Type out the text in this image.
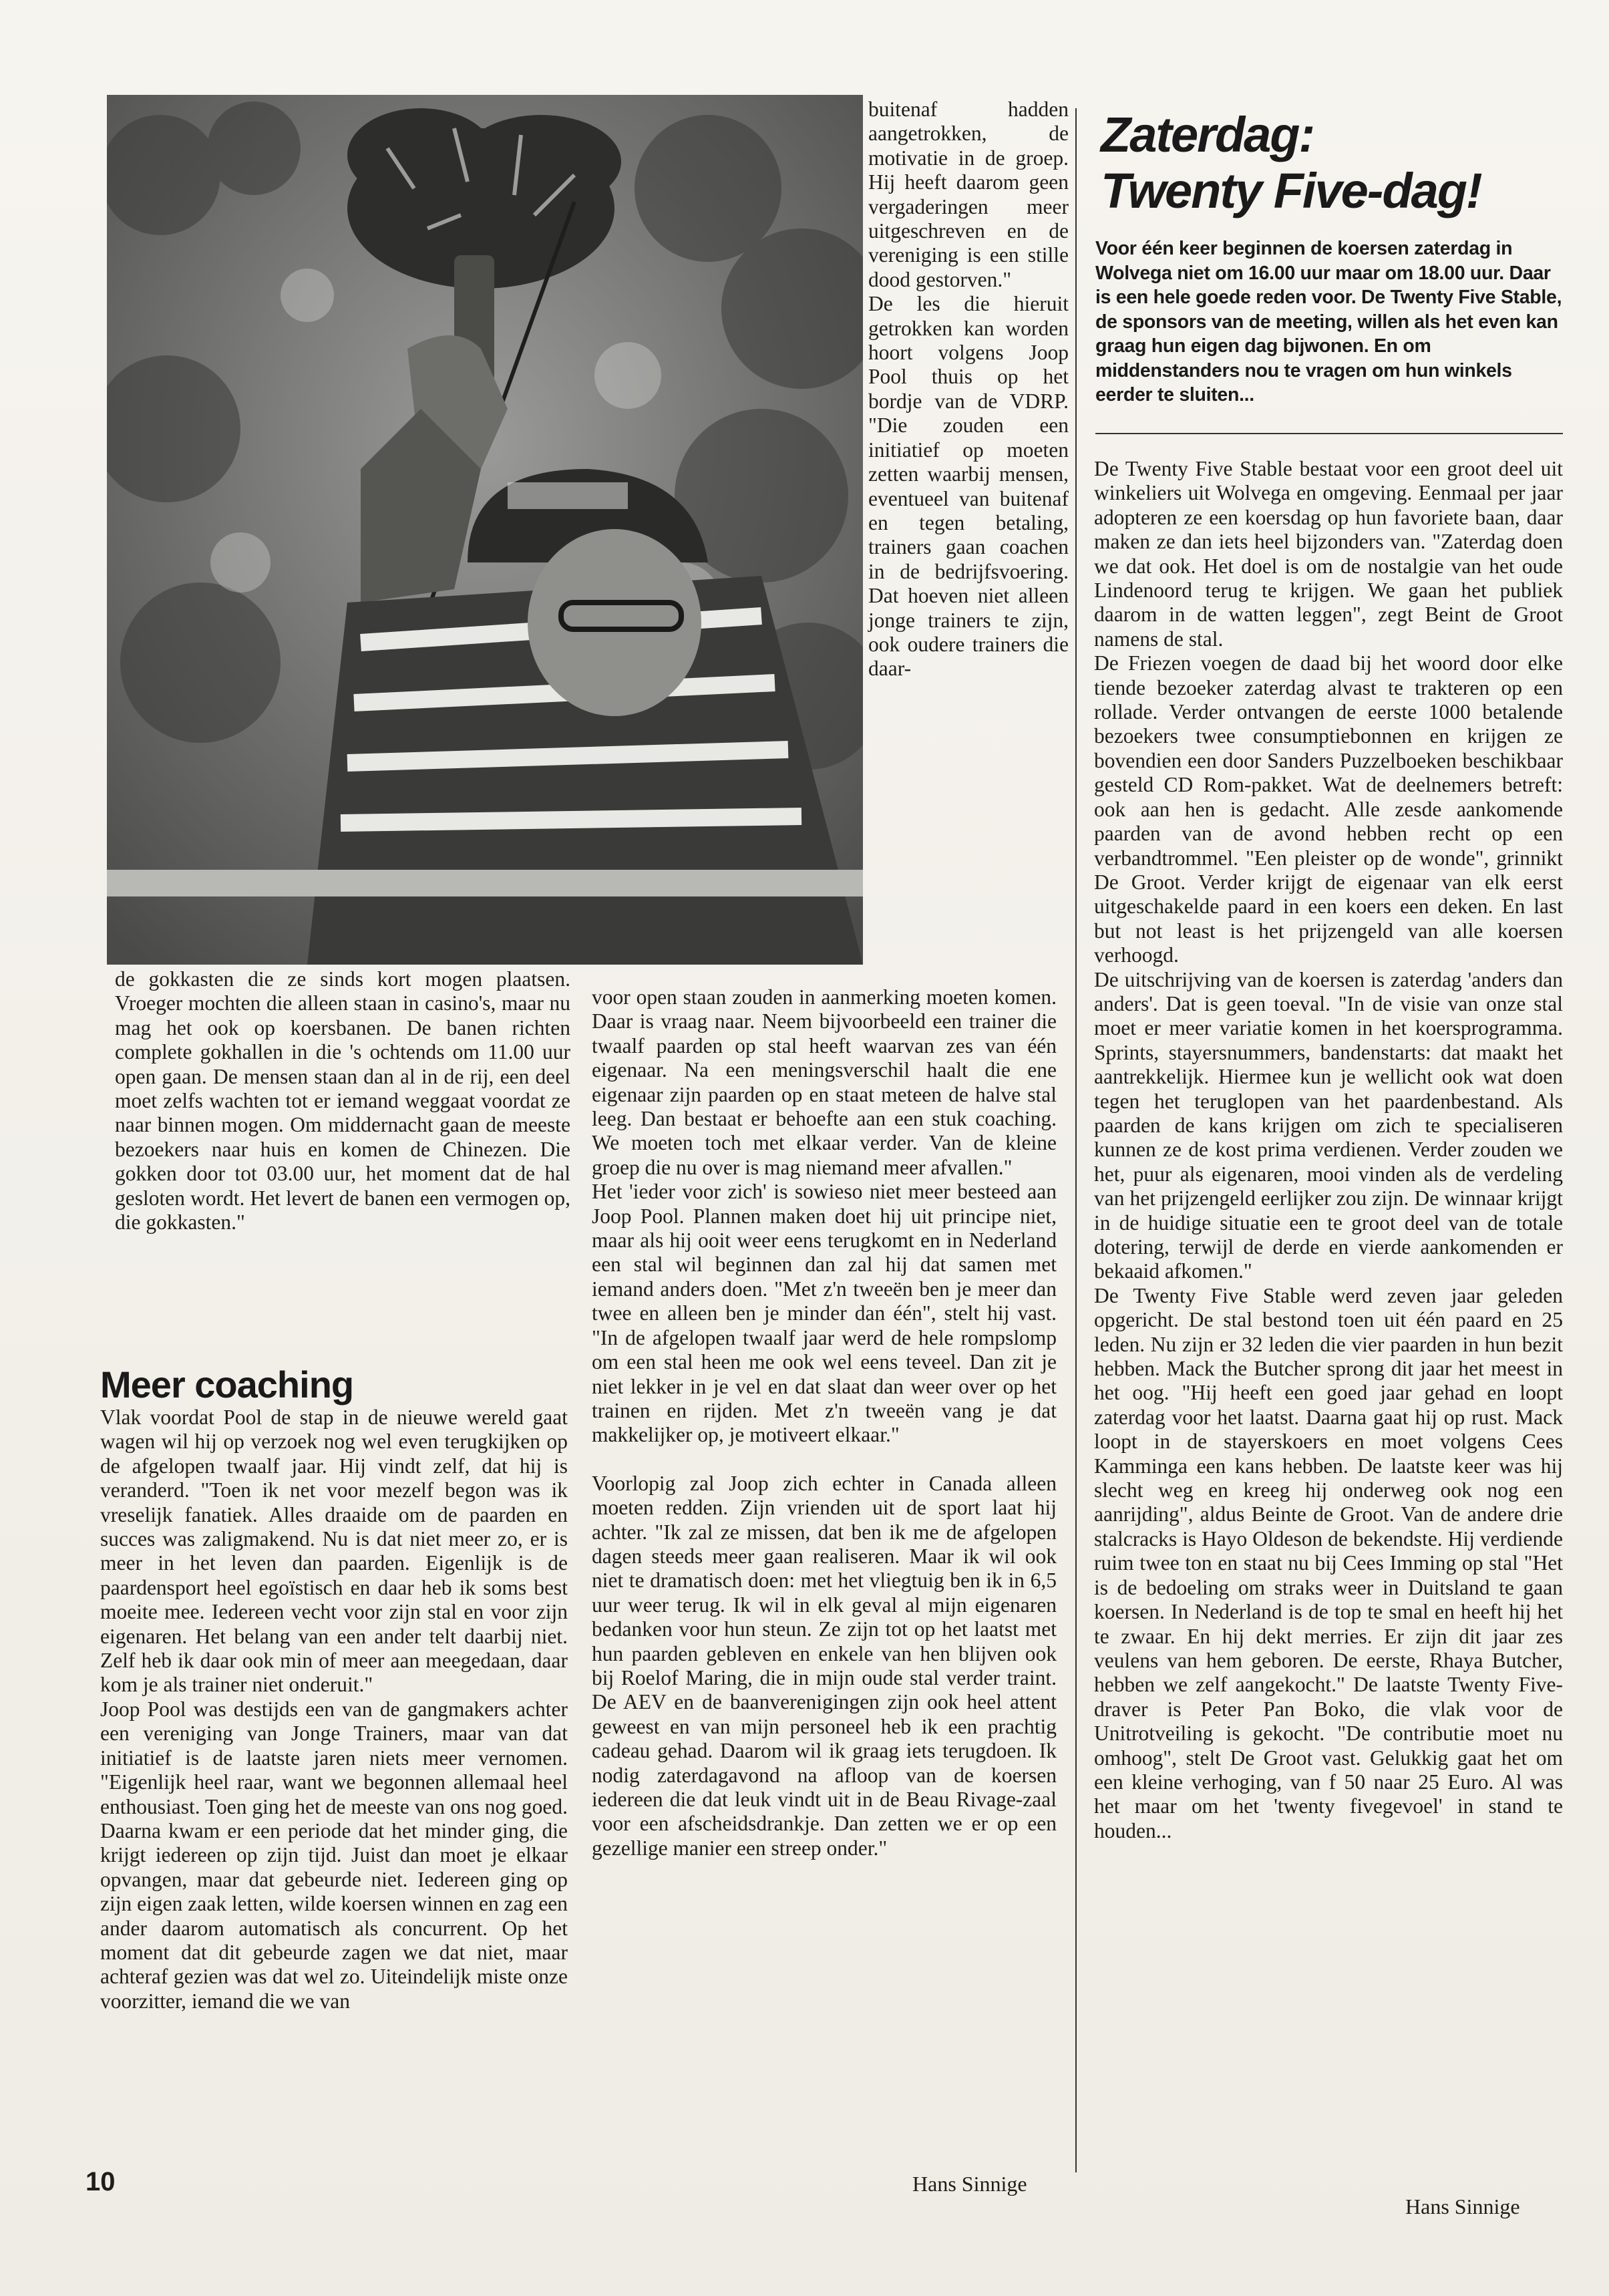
buitenaf hadden aangetrokken, de motivatie in de groep. Hij heeft daarom geen vergaderingen meer uitgeschreven en de vereniging is een stille dood gestorven."

De les die hieruit getrokken kan worden hoort volgens Joop Pool thuis op het bordje van de VDRP. "Die zouden een initiatief op moeten zetten waarbij mensen, eventueel van buitenaf en tegen betaling, trainers gaan coachen in de bedrijfsvoering. Dat hoeven niet alleen jonge trainers te zijn, ook oudere trainers die daar-

de gokkasten die ze sinds kort mogen plaatsen. Vroeger mochten die alleen staan in casino's, maar nu mag het ook op koersbanen. De banen richten complete gokhallen in die 's ochtends om 11.00 uur open gaan. De mensen staan dan al in de rij, een deel moet zelfs wachten tot er iemand weggaat voordat ze naar binnen mogen. Om middernacht gaan de meeste bezoekers naar huis en komen de Chinezen. Die gokken door tot 03.00 uur, het moment dat de hal gesloten wordt. Het levert de banen een vermogen op, die gokkasten."

Meer coaching

Vlak voordat Pool de stap in de nieuwe wereld gaat wagen wil hij op verzoek nog wel even terugkijken op de afgelopen twaalf jaar. Hij vindt zelf, dat hij is veranderd. "Toen ik net voor mezelf begon was ik vreselijk fanatiek. Alles draaide om de paarden en succes was zaligmakend. Nu is dat niet meer zo, er is meer in het leven dan paarden. Eigenlijk is de paardensport heel egoïstisch en daar heb ik soms best moeite mee. Iedereen vecht voor zijn stal en voor zijn eigenaren. Het belang van een ander telt daarbij niet. Zelf heb ik daar ook min of meer aan meegedaan, daar kom je als trainer niet onderuit."

Joop Pool was destijds een van de gangmakers achter een vereniging van Jonge Trainers, maar van dat initiatief is de laatste jaren niets meer vernomen. "Eigenlijk heel raar, want we begonnen allemaal heel enthousiast. Toen ging het de meeste van ons nog goed. Daarna kwam er een periode dat het minder ging, die krijgt iedereen op zijn tijd. Juist dan moet je elkaar opvangen, maar dat gebeurde niet. Iedereen ging op zijn eigen zaak letten, wilde koersen winnen en zag een ander daarom automatisch als concurrent. Op het moment dat dit gebeurde zagen we dat niet, maar achteraf gezien was dat wel zo. Uiteindelijk miste onze voorzitter, iemand die we van

voor open staan zouden in aanmerking moeten komen. Daar is vraag naar. Neem bijvoorbeeld een trainer die twaalf paarden op stal heeft waarvan zes van één eigenaar. Na een meningsverschil haalt die ene eigenaar zijn paarden op en staat meteen de halve stal leeg. Dan bestaat er behoefte aan een stuk coaching. We moeten toch met elkaar verder. Van de kleine groep die nu over is mag niemand meer afvallen."

Het 'ieder voor zich' is sowieso niet meer besteed aan Joop Pool. Plannen maken doet hij uit principe niet, maar als hij ooit weer eens terugkomt en in Nederland een stal wil beginnen dan zal hij dat samen met iemand anders doen. "Met z'n tweeën ben je meer dan twee en alleen ben je minder dan één", stelt hij vast. "In de afgelopen twaalf jaar werd de hele rompslomp om een stal heen me ook wel eens teveel. Dan zit je niet lekker in je vel en dat slaat dan weer over op het trainen en rijden. Met z'n tweeën vang je dat makkelijker op, je motiveert elkaar."

Voorlopig zal Joop zich echter in Canada alleen moeten redden. Zijn vrienden uit de sport laat hij achter. "Ik zal ze missen, dat ben ik me de afgelopen dagen steeds meer gaan realiseren. Maar ik wil ook niet te dramatisch doen: met het vliegtuig ben ik in 6,5 uur weer terug. Ik wil in elk geval al mijn eigenaren bedanken voor hun steun. Ze zijn tot op het laatst met hun paarden gebleven en enkele van hen blijven ook bij Roelof Maring, die in mijn oude stal verder traint. De AEV en de baanverenigingen zijn ook heel attent geweest en van mijn personeel heb ik een prachtig cadeau gehad. Daarom wil ik graag iets terugdoen. Ik nodig zaterdagavond na afloop van de koersen iedereen die dat leuk vindt uit in de Beau Rivage-zaal voor een afscheidsdrankje. Dan zetten we er op een gezellige manier een streep onder."

Hans Sinnige
Zaterdag:
Twenty Five-dag!
Voor één keer beginnen de koersen zaterdag in Wolvega niet om 16.00 uur maar om 18.00 uur. Daar is een hele goede reden voor. De Twenty Five Stable, de sponsors van de meeting, willen als het even kan graag hun eigen dag bijwonen. En om middenstanders nou te vragen om hun winkels eerder te sluiten...

De Twenty Five Stable bestaat voor een groot deel uit winkeliers uit Wolvega en omgeving. Eenmaal per jaar adopteren ze een koersdag op hun favoriete baan, daar maken ze dan iets heel bijzonders van. "Zaterdag doen we dat ook. Het doel is om de nostalgie van het oude Lindenoord terug te krijgen. We gaan het publiek daarom in de watten leggen", zegt Beint de Groot namens de stal.

De Friezen voegen de daad bij het woord door elke tiende bezoeker zaterdag alvast te trakteren op een rollade. Verder ontvangen de eerste 1000 betalende bezoekers twee consumptiebonnen en krijgen ze bovendien een door Sanders Puzzelboeken beschikbaar gesteld CD Rom-pakket. Wat de deelnemers betreft: ook aan hen is gedacht. Alle zesde aankomende paarden van de avond hebben recht op een verbandtrommel. "Een pleister op de wonde", grinnikt De Groot. Verder krijgt de eigenaar van elk eerst uitgeschakelde paard in een koers een deken. En last but not least is het prijzengeld van alle koersen verhoogd.

De uitschrijving van de koersen is zaterdag 'anders dan anders'. Dat is geen toeval. "In de visie van onze stal moet er meer variatie komen in het koersprogramma. Sprints, stayersnummers, bandenstarts: dat maakt het aantrekkelijk. Hiermee kun je wellicht ook wat doen tegen het teruglopen van het paardenbestand. Als paarden de kans krijgen om zich te specialiseren kunnen ze de kost prima verdienen. Verder zouden we het, puur als eigenaren, mooi vinden als de verdeling van het prijzengeld eerlijker zou zijn. De winnaar krijgt in de huidige situatie een te groot deel van de totale dotering, terwijl de derde en vierde aankomenden er bekaaid afkomen."

De Twenty Five Stable werd zeven jaar geleden opgericht. De stal bestond toen uit één paard en 25 leden. Nu zijn er 32 leden die vier paarden in hun bezit hebben. Mack the Butcher sprong dit jaar het meest in het oog. "Hij heeft een goed jaar gehad en loopt zaterdag voor het laatst. Daarna gaat hij op rust. Mack loopt in de stayerskoers en moet volgens Cees Kamminga een kans hebben. De laatste keer was hij slecht weg en kreeg hij onderweg ook nog een aanrijding", aldus Beinte de Groot. Van de andere drie stalcracks is Hayo Oldeson de bekendste. Hij verdiende ruim twee ton en staat nu bij Cees Imming op stal "Het is de bedoeling om straks weer in Duitsland te gaan koersen. In Nederland is de top te smal en heeft hij het te zwaar. En hij dekt merries. Er zijn dit jaar zes veulens van hem geboren. De eerste, Rhaya Butcher, hebben we zelf aangekocht." De laatste Twenty Five-draver is Peter Pan Boko, die vlak voor de Unitrotveiling is gekocht. "De contributie moet nu omhoog", stelt De Groot vast. Gelukkig gaat het om een kleine verhoging, van f 50 naar 25 Euro. Al was het maar om het 'twenty fivegevoel' in stand te houden...

Hans Sinnige
10
